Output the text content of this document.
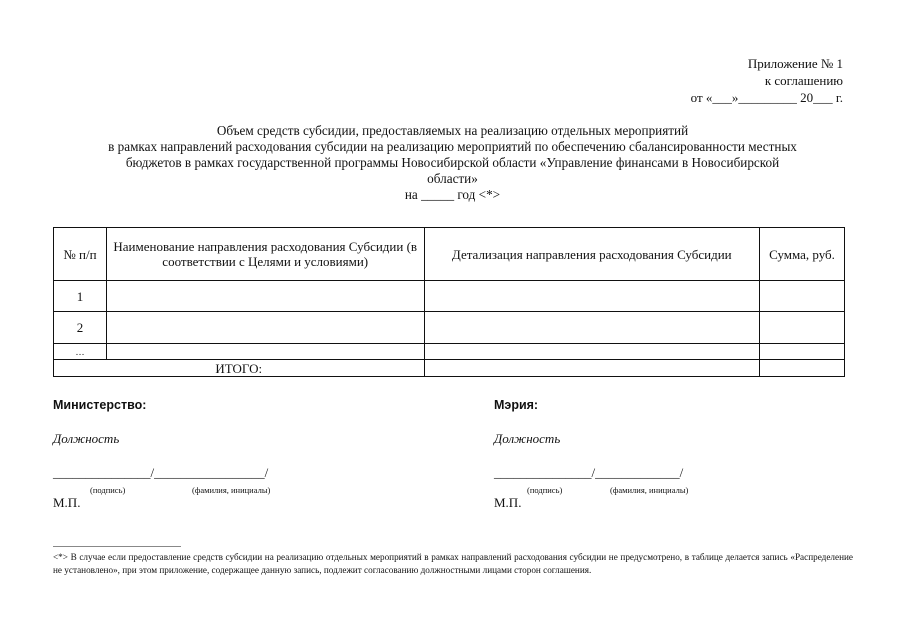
Приложение № 1
к соглашению
от «___»_________ 20___ г.
Объем средств субсидии, предоставляемых на реализацию отдельных мероприятий
в рамках направлений расходования субсидии на реализацию мероприятий по обеспечению сбалансированности местных
бюджетов в рамках государственной программы Новосибирской области «Управление финансами в Новосибирской
области»
на _____ год <*>
№ п/п	Наименование направления расходования Субсидии (в соответствии с Целями и условиями)	Детализация направления расходования Субсидии	Сумма, руб.
1			
2			
…			
ИТОГО:			
Министерство:
Должность
_______________/_________________/
(подпись)	(фамилия, инициалы)
М.П.
Мэрия:
Должность
_______________/_____________/
(подпись)	(фамилия, инициалы)
М.П.
<*> В случае если предоставление средств субсидии на реализацию отдельных мероприятий в рамках направлений расходования субсидии не предусмотрено, в таблице делается запись «Распределение не установлено», при этом приложение, содержащее данную запись, подлежит согласованию должностными лицами сторон соглашения.
